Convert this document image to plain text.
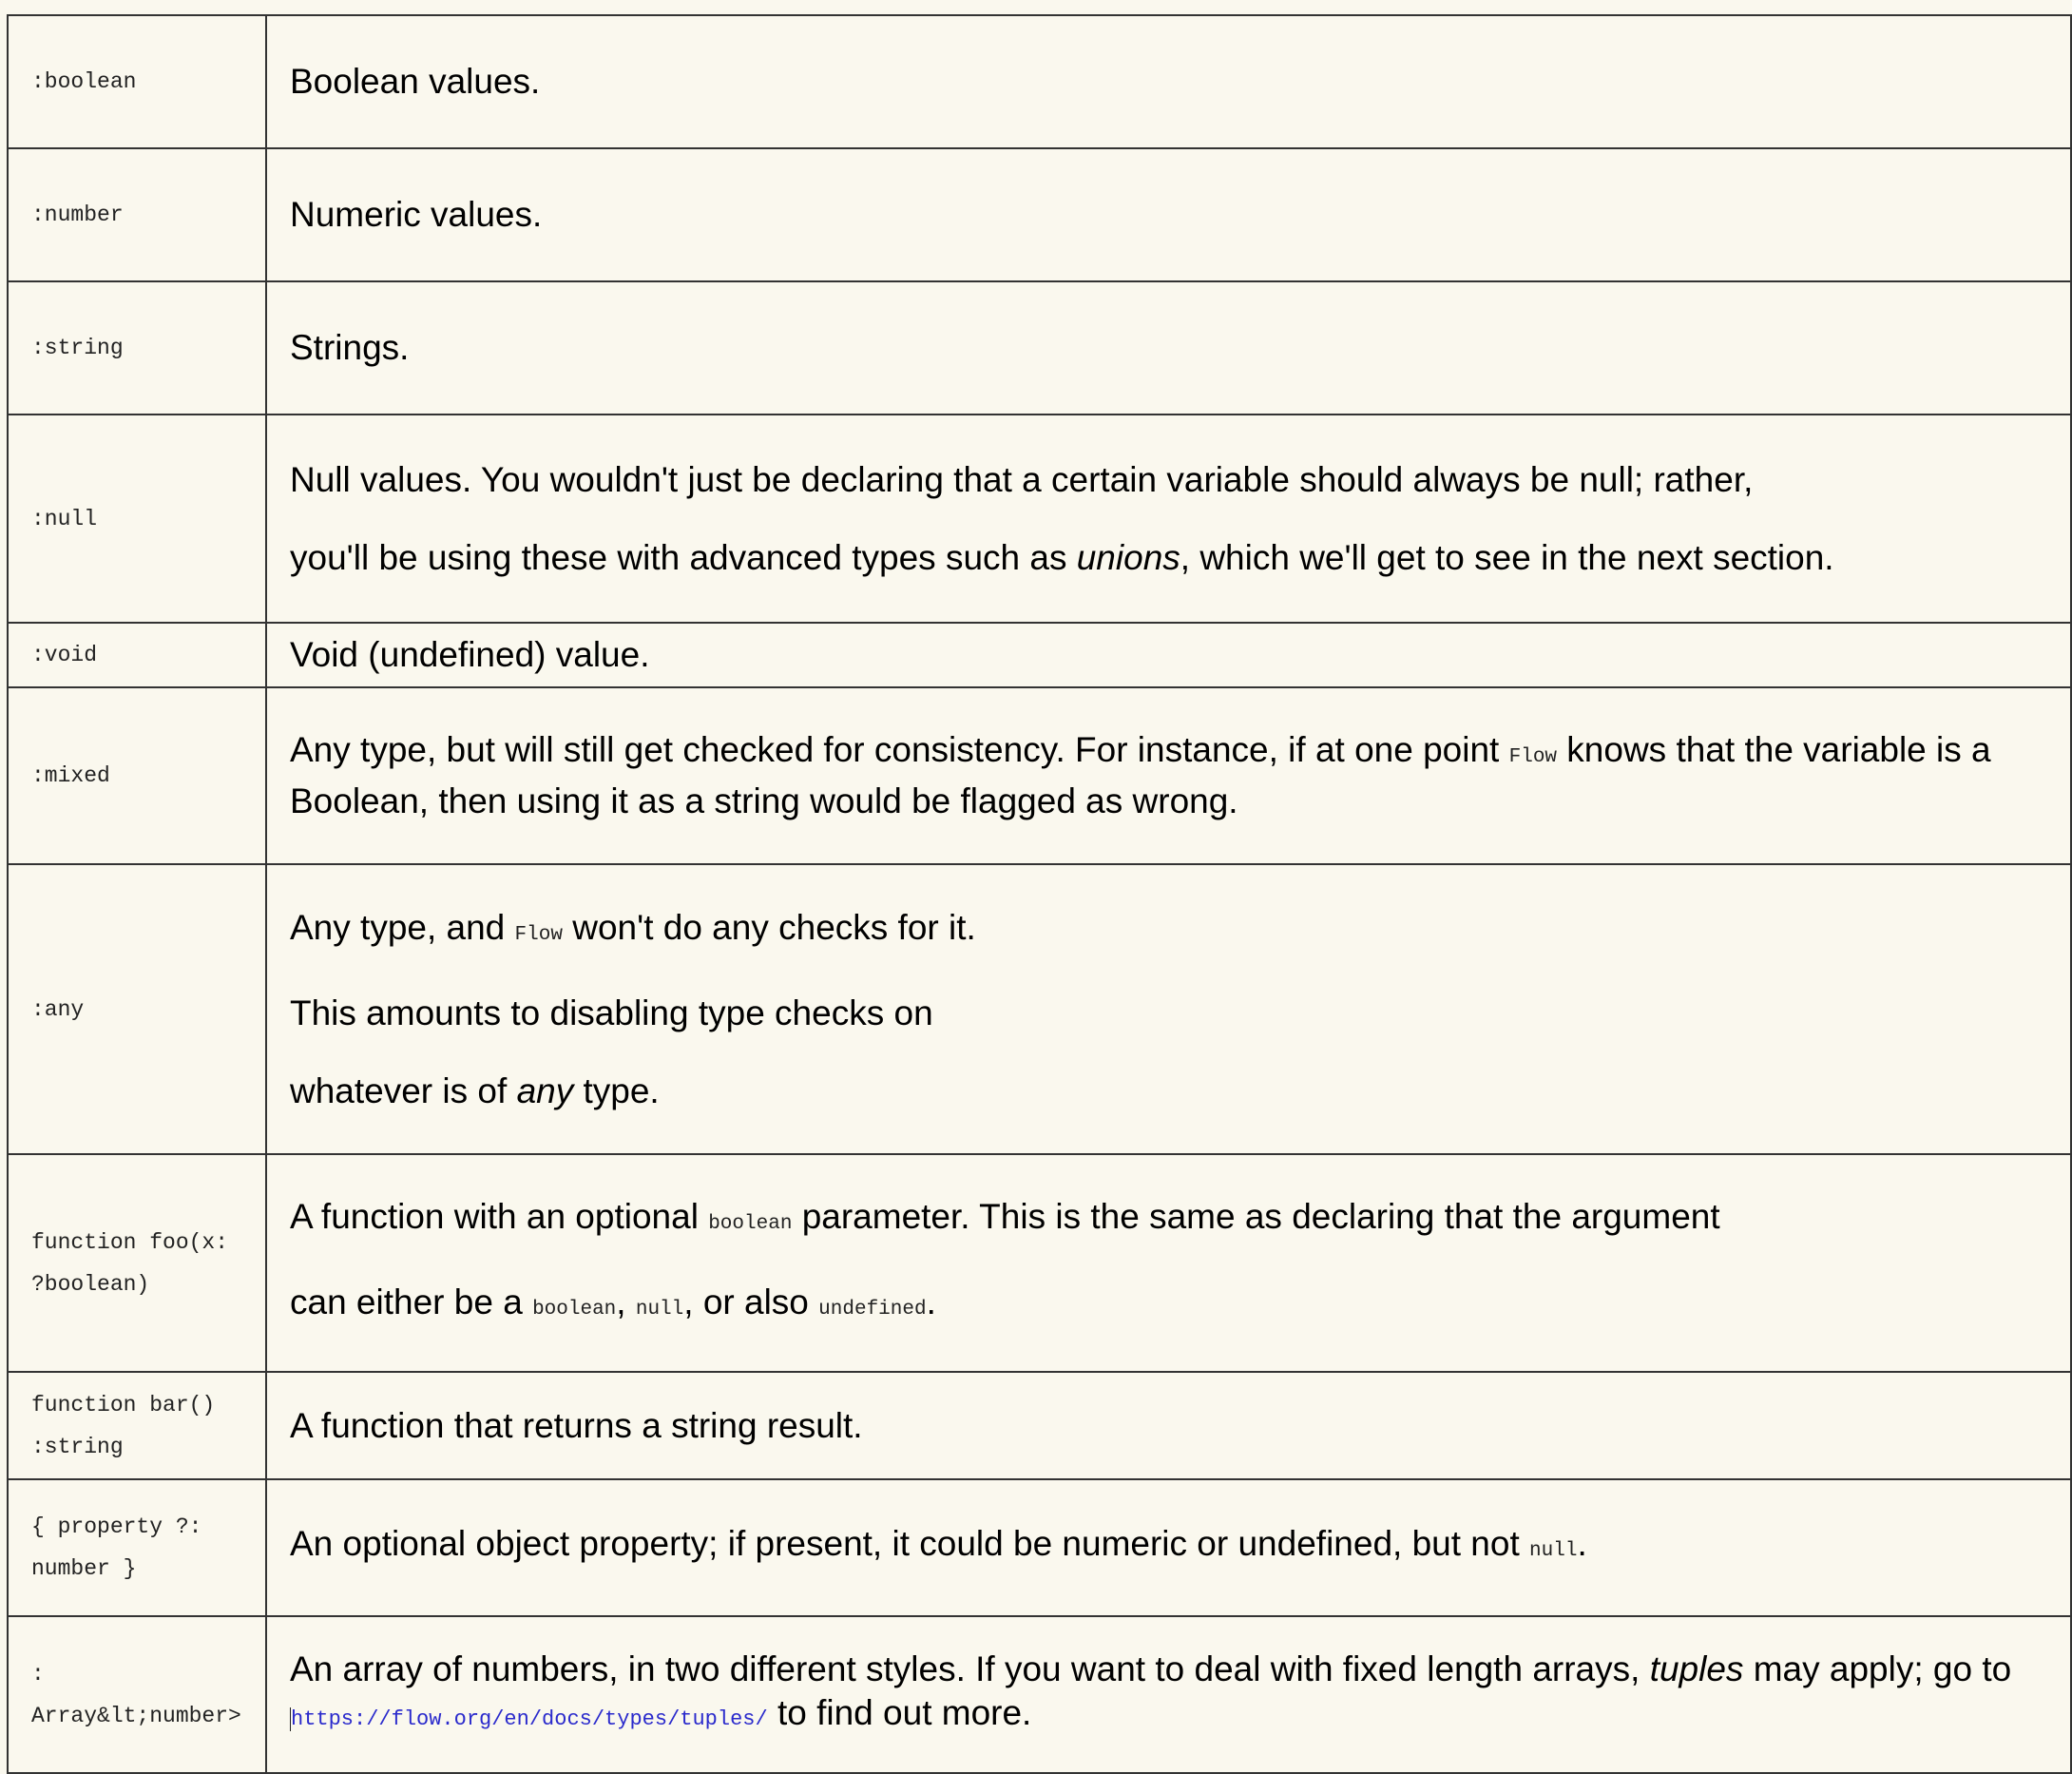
:boolean	Boolean values.

:number	Numeric values.

:string	Strings.

:null	Null values. You wouldn't just be declaring that a certain variable should always be null; rather,

you'll be using these with advanced types such as unions, which we'll get to see in the next section.

:void	Void (undefined) value.

:mixed	Any type, but will still get checked for consistency. For instance, if at one point Flow knows that the variable is a Boolean, then using it as a string would be flagged as wrong.

:any	Any type, and Flow won't do any checks for it.

This amounts to disabling type checks on

whatever is of any type.

function foo(x: ?boolean)	A function with an optional boolean parameter. This is the same as declaring that the argument

can either be a boolean, null, or also undefined.

function bar() :string	A function that returns a string result.

{ property ?: number }	An optional object property; if present, it could be numeric or undefined, but not null.

: Array&lt;number>	An array of numbers, in two different styles. If you want to deal with fixed length arrays, tuples may apply; go to https://flow.org/en/docs/types/tuples/ to find out more.
